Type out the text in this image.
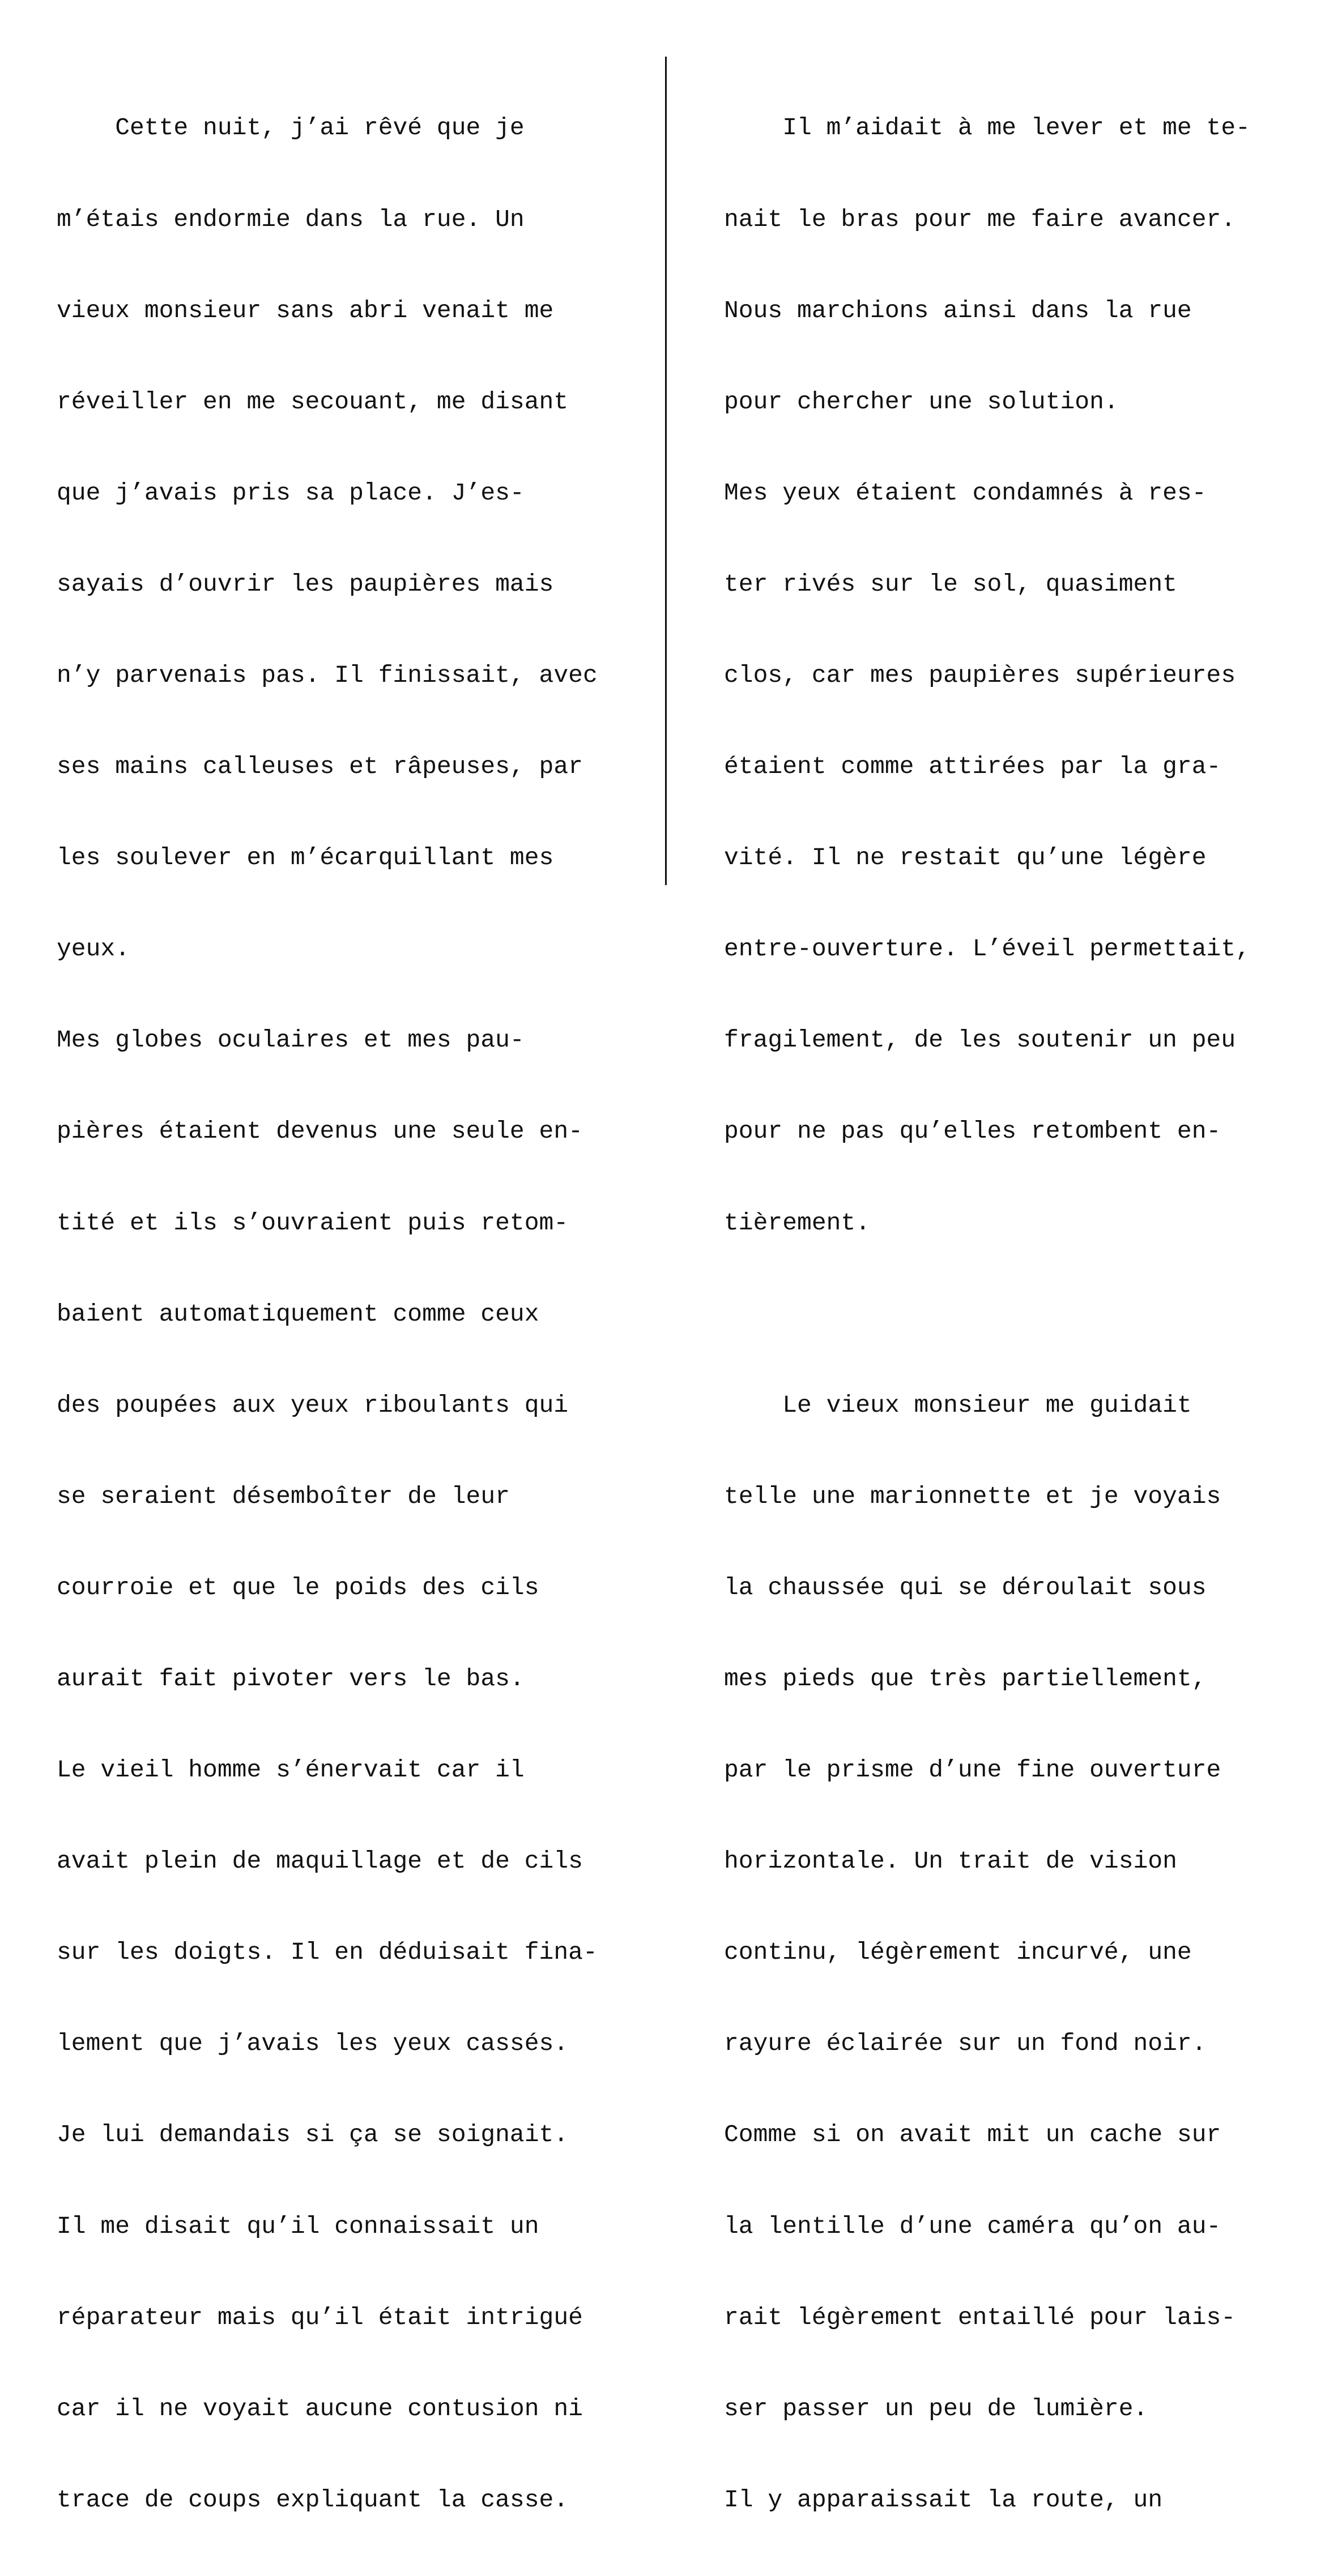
Cette nuit, j’ai rêvé que je

m’étais endormie dans la rue. Un

vieux monsieur sans abri venait me

réveiller en me secouant, me disant

que j’avais pris sa place. J’es-

sayais d’ouvrir les paupières mais

n’y parvenais pas. Il finissait, avec

ses mains calleuses et râpeuses, par

les soulever en m’écarquillant mes

yeux.

Mes globes oculaires et mes pau-

pières étaient devenus une seule en-

tité et ils s’ouvraient puis retom-

baient automatiquement comme ceux

des poupées aux yeux riboulants qui

se seraient désemboîter de leur

courroie et que le poids des cils

aurait fait pivoter vers le bas.

Le vieil homme s’énervait car il

avait plein de maquillage et de cils

sur les doigts. Il en déduisait fina-

lement que j’avais les yeux cassés.

Je lui demandais si ça se soignait.

Il me disait qu’il connaissait un

réparateur mais qu’il était intrigué

car il ne voyait aucune contusion ni

trace de coups expliquant la casse.

Il m’aidait à me lever et me te-

nait le bras pour me faire avancer.

Nous marchions ainsi dans la rue

pour chercher une solution.

Mes yeux étaient condamnés à res-

ter rivés sur le sol, quasiment

clos, car mes paupières supérieures

étaient comme attirées par la gra-

vité. Il ne restait qu’une légère

entre-ouverture. L’éveil permettait,

fragilement, de les soutenir un peu

pour ne pas qu’elles retombent en-

tièrement.

Le vieux monsieur me guidait

telle une marionnette et je voyais

la chaussée qui se déroulait sous

mes pieds que très partiellement,

par le prisme d’une fine ouverture

horizontale. Un trait de vision

continu, légèrement incurvé, une

rayure éclairée sur un fond noir.

Comme si on avait mit un cache sur

la lentille d’une caméra qu’on au-

rait légèrement entaillé pour lais-

ser passer un peu de lumière.

Il y apparaissait la route, un
